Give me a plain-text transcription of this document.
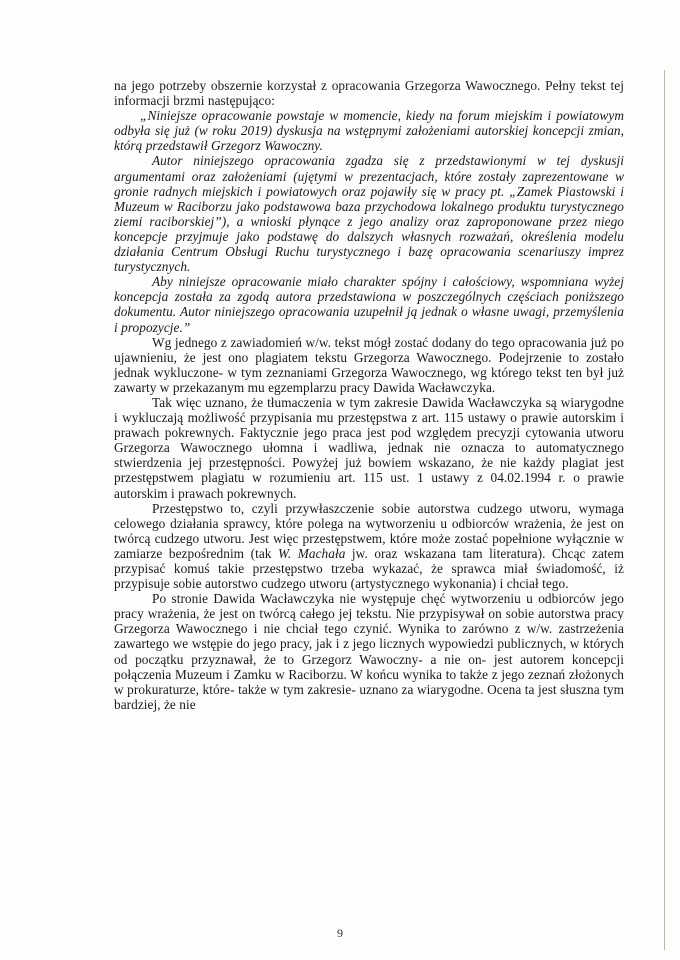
na jego potrzeby obszernie korzystał z opracowania Grzegorza Wawocznego. Pełny tekst tej informacji brzmi następująco:

„Niniejsze opracowanie powstaje w momencie, kiedy na forum miejskim i powiatowym odbyła się już (w roku 2019) dyskusja na wstępnymi założeniami autorskiej koncepcji zmian, którą przedstawił Grzegorz Wawoczny.

Autor niniejszego opracowania zgadza się z przedstawionymi w tej dyskusji argumentami oraz założeniami (ujętymi w prezentacjach, które zostały zaprezentowane w gronie radnych miejskich i powiatowych oraz pojawiły się w pracy pt. „Zamek Piastowski i Muzeum w Raciborzu jako podstawowa baza przychodowa lokalnego produktu turystycznego ziemi raciborskiej”), a wnioski płynące z jego analizy oraz zaproponowane przez niego koncepcje przyjmuje jako podstawę do dalszych własnych rozważań, określenia modelu działania Centrum Obsługi Ruchu turystycznego i bazę opracowania scenariuszy imprez turystycznych.

Aby niniejsze opracowanie miało charakter spójny i całościowy, wspomniana wyżej koncepcja została za zgodą autora przedstawiona w poszczególnych częściach poniższego dokumentu. Autor niniejszego opracowania uzupełnił ją jednak o własne uwagi, przemyślenia i propozycje.”

Wg jednego z zawiadomień w/w. tekst mógł zostać dodany do tego opracowania już po ujawnieniu, że jest ono plagiatem tekstu Grzegorza Wawocznego. Podejrzenie to zostało jednak wykluczone- w tym zeznaniami Grzegorza Wawocznego, wg którego tekst ten był już zawarty w przekazanym mu egzemplarzu pracy Dawida Wacławczyka.

Tak więc uznano, że tłumaczenia w tym zakresie Dawida Wacławczyka są wiarygodne i wykluczają możliwość przypisania mu przestępstwa z art. 115 ustawy o prawie autorskim i prawach pokrewnych. Faktycznie jego praca jest pod względem precyzji cytowania utworu Grzegorza Wawocznego ułomna i wadliwa, jednak nie oznacza to automatycznego stwierdzenia jej przestępności. Powyżej już bowiem wskazano, że nie każdy plagiat jest przestępstwem plagiatu w rozumieniu art. 115 ust. 1 ustawy z 04.02.1994 r. o prawie autorskim i prawach pokrewnych.

Przestępstwo to, czyli przywłaszczenie sobie autorstwa cudzego utworu, wymaga celowego działania sprawcy, które polega na wytworzeniu u odbiorców wrażenia, że jest on twórcą cudzego utworu. Jest więc przestępstwem, które może zostać popełnione wyłącznie w zamiarze bezpośrednim (tak W. Machała jw. oraz wskazana tam literatura). Chcąc zatem przypisać komuś takie przestępstwo trzeba wykazać, że sprawca miał świadomość, iż przypisuje sobie autorstwo cudzego utworu (artystycznego wykonania) i chciał tego.

Po stronie Dawida Wacławczyka nie występuje chęć wytworzeniu u odbiorców jego pracy wrażenia, że jest on twórcą całego jej tekstu. Nie przypisywał on sobie autorstwa pracy Grzegorza Wawocznego i nie chciał tego czynić. Wynika to zarówno z w/w. zastrzeżenia zawartego we wstępie do jego pracy, jak i z jego licznych wypowiedzi publicznych, w których od początku przyznawał, że to Grzegorz Wawoczny- a nie on- jest autorem koncepcji połączenia Muzeum i Zamku w Raciborzu. W końcu wynika to także z jego zeznań złożonych w prokuraturze, które- także w tym zakresie- uznano za wiarygodne. Ocena ta jest słuszna tym bardziej, że nie

9
